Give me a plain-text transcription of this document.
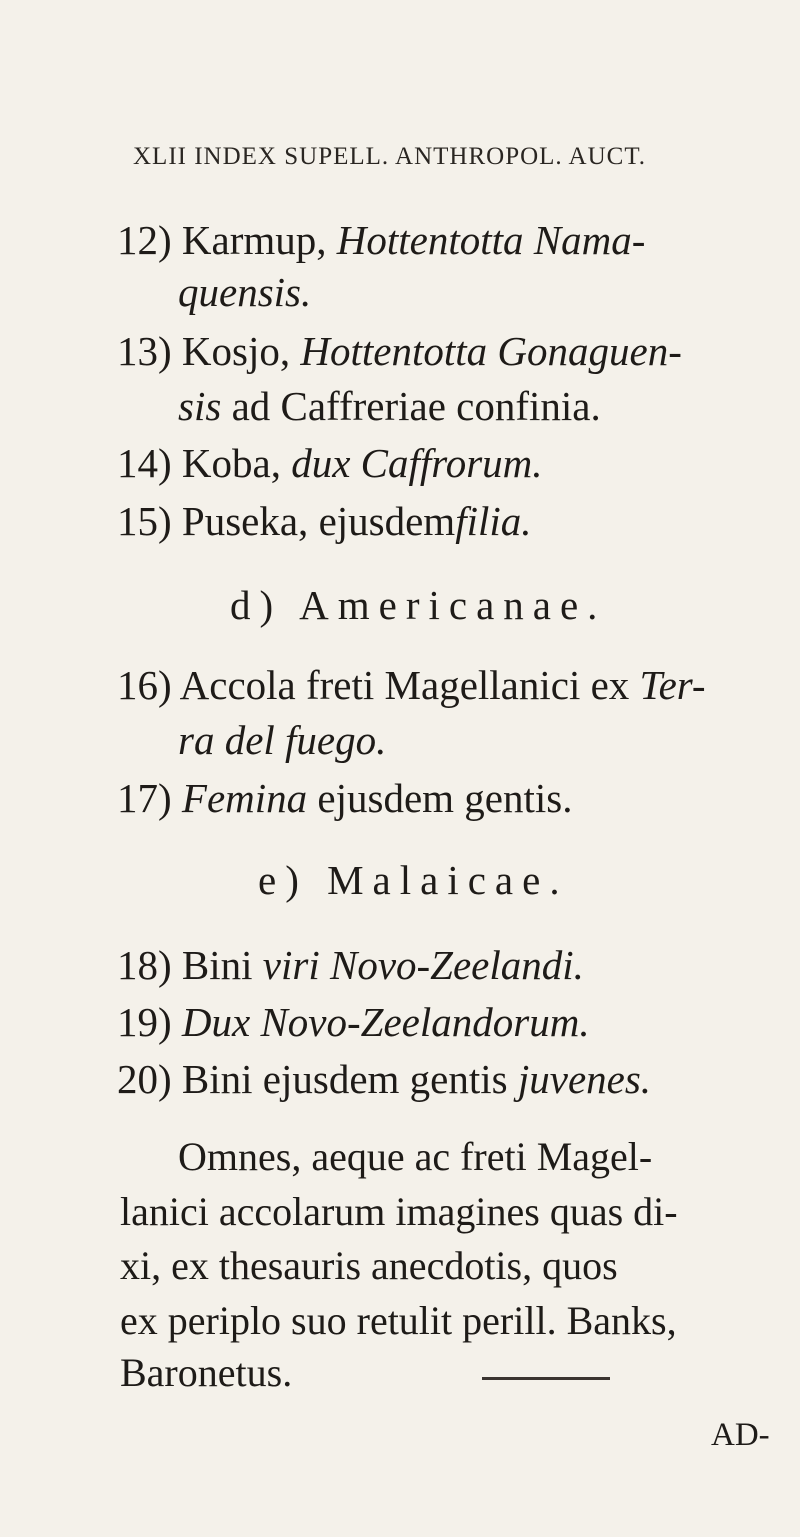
XLII INDEX SUPELL. ANTHROPOL. AUCT.
12) Karmup, Hottentotta Nama-
quensis.
13) Kosjo, Hottentotta Gonaguen-
sis ad Caffreriae confinia.
14) Koba, dux Caffrorum.
15) Puseka, ejusdemfilia.
d) Americanae.
16) Accola freti Magellanici ex Ter-
ra del fuego.
17) Femina ejusdem gentis.
e) Malaicae.
18) Bini viri Novo-Zeelandi.
19) Dux Novo-Zeelandorum.
20) Bini ejusdem gentis juvenes.
Omnes, aeque ac freti Magel-
lanici accolarum imagines quas di-
xi, ex thesauris anecdotis, quos
ex periplo suo retulit perill. Banks,
Baronetus.
AD-
